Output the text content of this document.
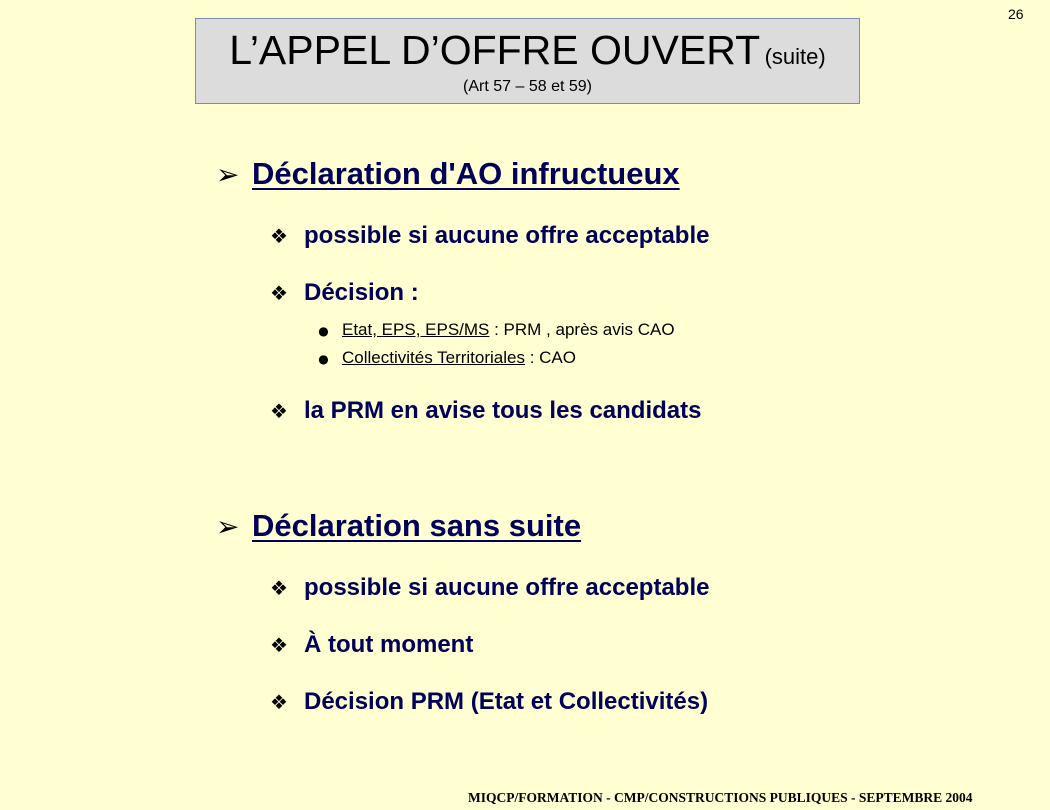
26
L’APPEL D’OFFRE OUVERT (suite)
(Art 57 – 58 et 59)
➢ Déclaration d'AO infructueux
❖ possible si aucune offre acceptable
❖ Décision :
● Etat, EPS, EPS/MS : PRM , après avis CAO
● Collectivités Territoriales : CAO
❖ la PRM en avise tous les candidats
➢ Déclaration sans suite
❖ possible si aucune offre acceptable
❖ À tout moment
❖ Décision PRM (Etat et Collectivités)
MIQCP/FORMATION - CMP/CONSTRUCTIONS PUBLIQUES - SEPTEMBRE 2004
